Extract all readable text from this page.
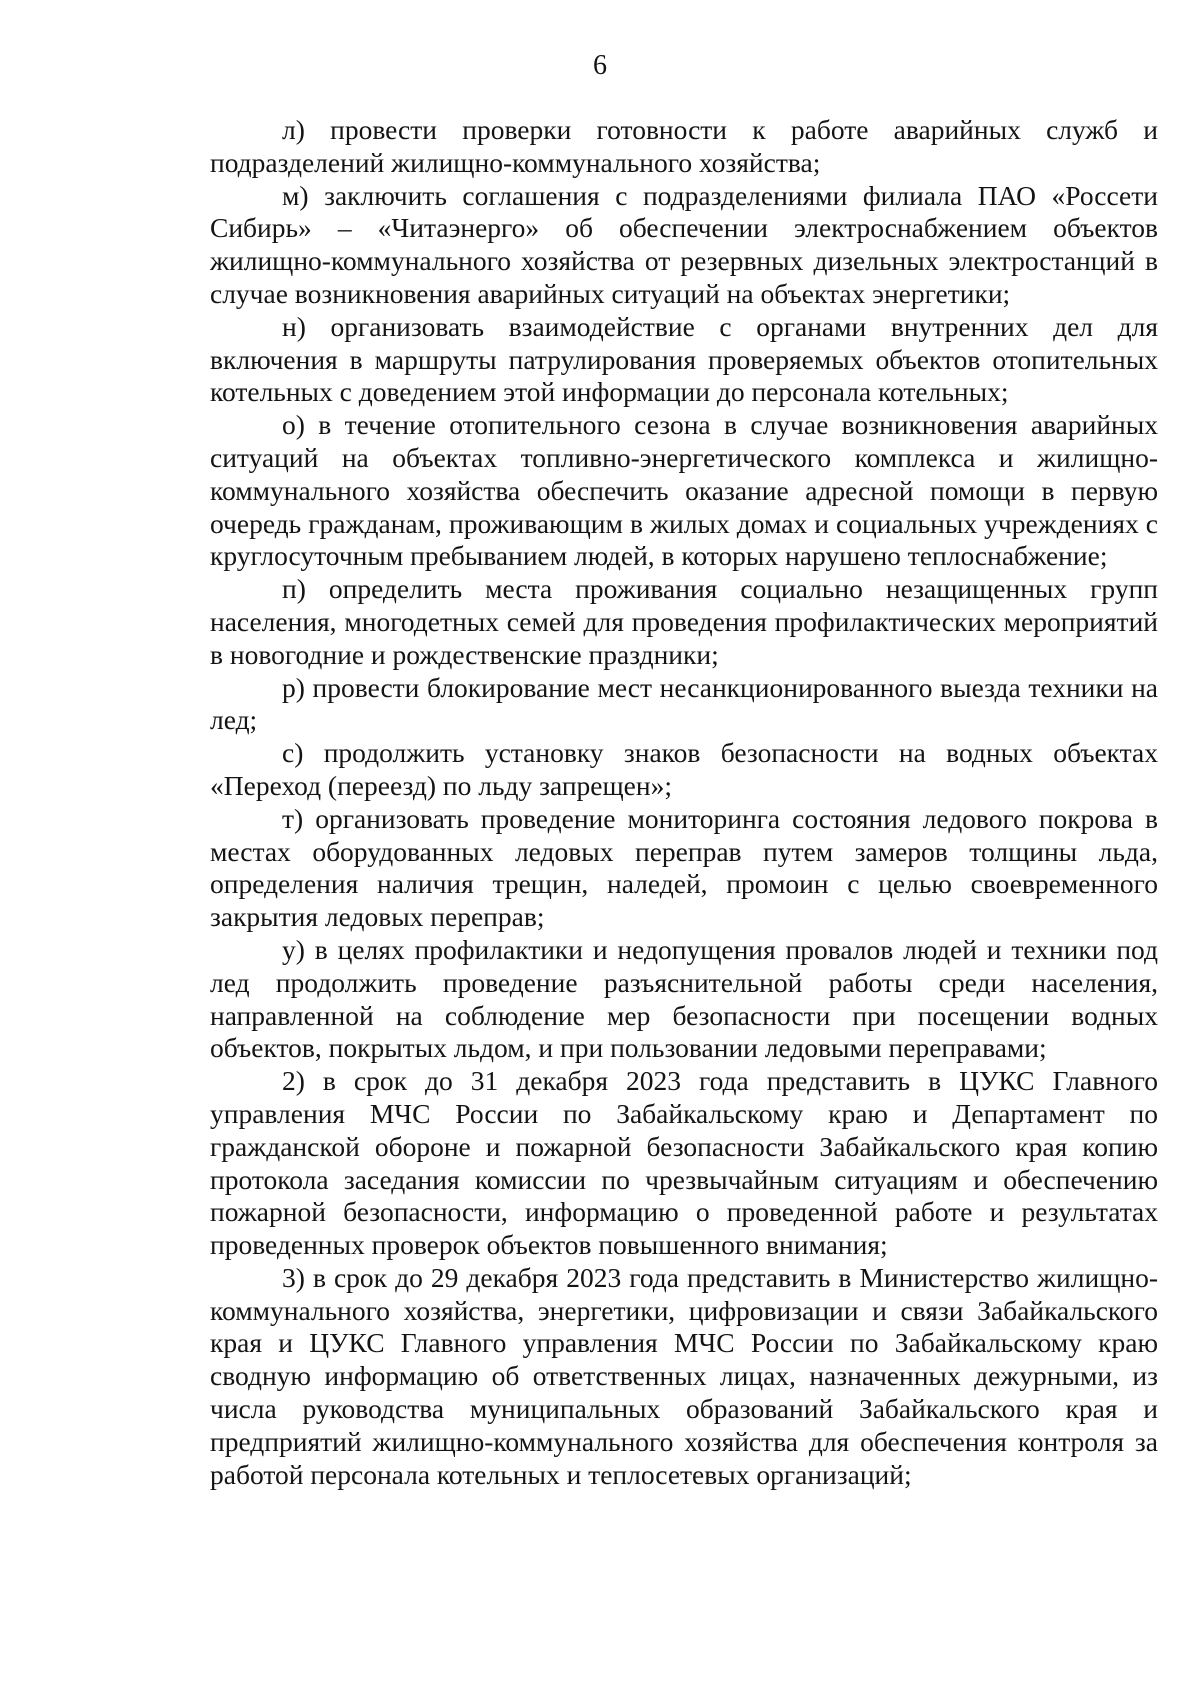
6

л) провести проверки готовности к работе аварийных служб и подразделений жилищно-коммунального хозяйства;

м) заключить соглашения с подразделениями филиала ПАО «Россети Сибирь» – «Читаэнерго» об обеспечении электроснабжением объектов жилищно-коммунального хозяйства от резервных дизельных электростанций в случае возникновения аварийных ситуаций на объектах энергетики;

н) организовать взаимодействие с органами внутренних дел для включения в маршруты патрулирования проверяемых объектов отопительных котельных с доведением этой информации до персонала котельных;

о) в течение отопительного сезона в случае возникновения аварийных ситуаций на объектах топливно-энергетического комплекса и жилищно-коммунального хозяйства обеспечить оказание адресной помощи в первую очередь гражданам, проживающим в жилых домах и социальных учреждениях с круглосуточным пребыванием людей, в которых нарушено теплоснабжение;

п) определить места проживания социально незащищенных групп населения, многодетных семей для проведения профилактических мероприятий в новогодние и рождественские праздники;

р) провести блокирование мест несанкционированного выезда техники на лед;

с) продолжить установку знаков безопасности на водных объектах «Переход (переезд) по льду запрещен»;

т) организовать проведение мониторинга состояния ледового покрова в местах оборудованных ледовых переправ путем замеров толщины льда, определения наличия трещин, наледей, промоин с целью своевременного закрытия ледовых переправ;

у) в целях профилактики и недопущения провалов людей и техники под лед продолжить проведение разъяснительной работы среди населения, направленной на соблюдение мер безопасности при посещении водных объектов, покрытых льдом, и при пользовании ледовыми переправами;

2) в срок до 31 декабря 2023 года представить в ЦУКС Главного управления МЧС России по Забайкальскому краю и Департамент по гражданской обороне и пожарной безопасности Забайкальского края копию протокола заседания комиссии по чрезвычайным ситуациям и обеспечению пожарной безопасности, информацию о проведенной работе и результатах проведенных проверок объектов повышенного внимания;

3) в срок до 29 декабря 2023 года представить в Министерство жилищно-коммунального хозяйства, энергетики, цифровизации и связи Забайкальского края и ЦУКС Главного управления МЧС России по Забайкальскому краю сводную информацию об ответственных лицах, назначенных дежурными, из числа руководства муниципальных образований Забайкальского края и предприятий жилищно-коммунального хозяйства для обеспечения контроля за работой персонала котельных и теплосетевых организаций;
